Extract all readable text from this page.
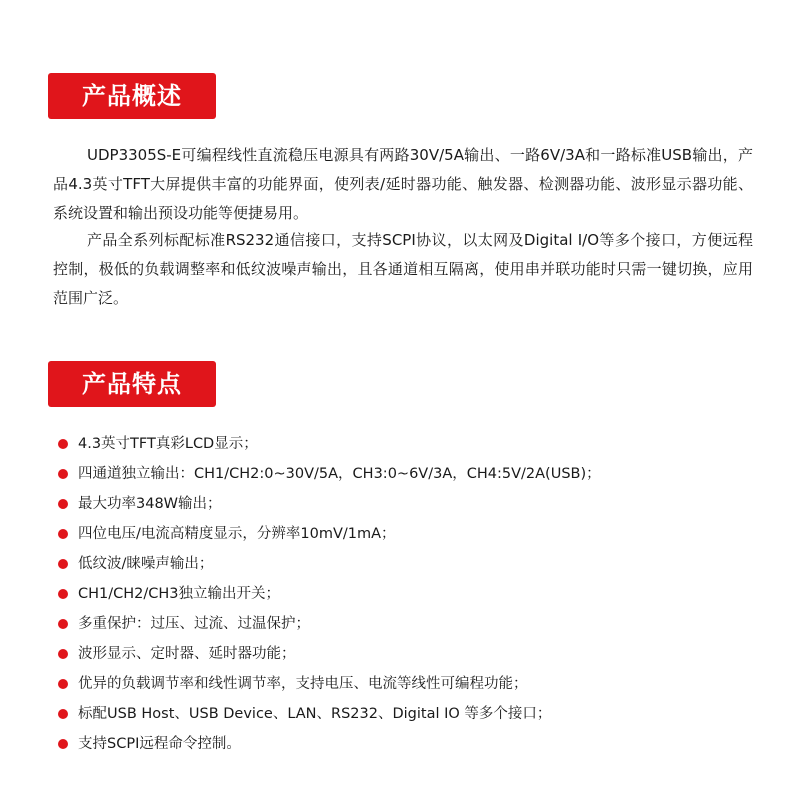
产品概述

UDP3305S-E可编程线性直流稳压电源具有两路30V/5A输出、一路6V/3A和一路标准USB输出，产品4.3英寸TFT大屏提供丰富的功能界面，使列表/延时器功能、触发器、检测器功能、波形显示器功能、系统设置和输出预设功能等便捷易用。

产品全系列标配标准RS232通信接口，支持SCPI协议，以太网及Digital I/O等多个接口，方便远程控制，极低的负载调整率和低纹波噪声输出，且各通道相互隔离，使用串并联功能时只需一键切换，应用范围广泛。

产品特点
4.3英寸TFT真彩LCD显示；
四通道独立输出：CH1/CH2:0~30V/5A，CH3:0~6V/3A，CH4:5V/2A(USB)；
最大功率348W输出；
四位电压/电流高精度显示，分辨率10mV/1mA；
低纹波/睐噪声输出；
CH1/CH2/CH3独立输出开关；
多重保护：过压、过流、过温保护；
波形显示、定时器、延时器功能；
优异的负载调节率和线性调节率，支持电压、电流等线性可编程功能；
标配USB Host、USB Device、LAN、RS232、Digital IO 等多个接口；
支持SCPI远程命令控制。
